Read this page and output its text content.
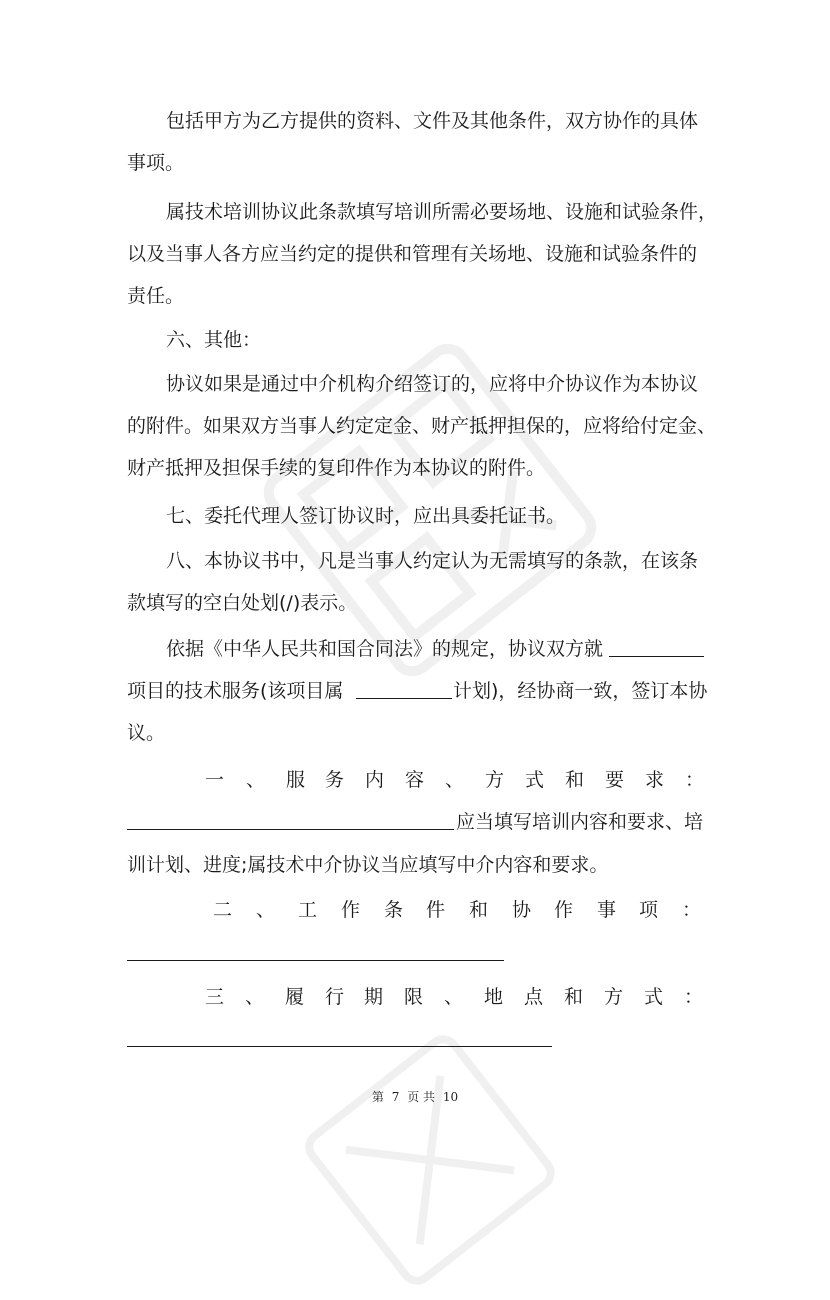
包括甲方为乙方提供的资料、文件及其他条件，双方协作的具体
事项。
属技术培训协议此条款填写培训所需必要场地、设施和试验条件，
以及当事人各方应当约定的提供和管理有关场地、设施和试验条件的
责任。
六、其他：
协议如果是通过中介机构介绍签订的，应将中介协议作为本协议
的附件。如果双方当事人约定定金、财产抵押担保的，应将给付定金、
财产抵押及担保手续的复印件作为本协议的附件。
七、委托代理人签订协议时，应出具委托证书。
八、本协议书中，凡是当事人约定认为无需填写的条款，在该条
款填写的空白处划(/)表示。
依据《中华人民共和国合同法》的规定，协议双方就
项目的技术服务(该项目属	计划)，经协商一致，签订本协
议。
一 、 服 务 内 容 、 方 式 和 要 求 ：
应当填写培训内容和要求、培
训计划、进度;属技术中介协议当应填写中介内容和要求。
二 、 工 作 条 件 和 协 作 事 项 ：
三 、 履 行 期 限 、 地 点 和 方 式 ：
第 7 页 共 10
